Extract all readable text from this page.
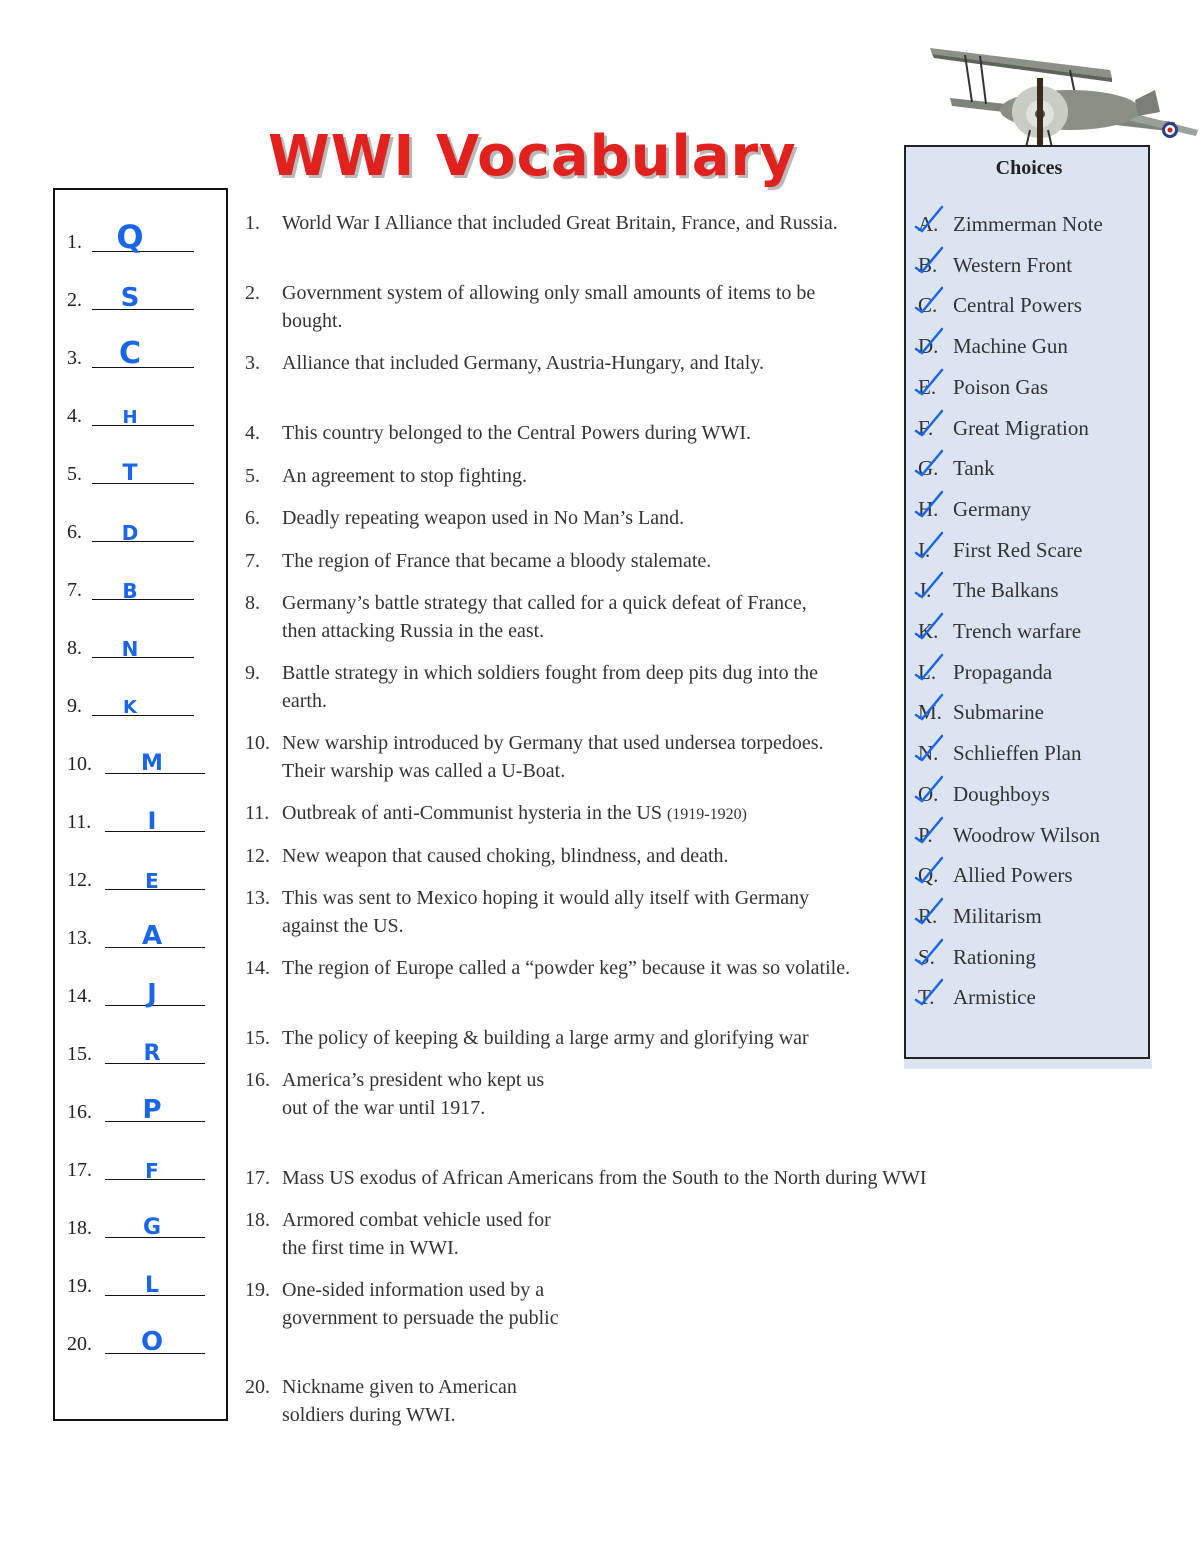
WWI Vocabulary
1.	Q
2.	S
3.	C
4.	H
5.	T
6.	D
7.	B
8.	N
9.	K
10.	M
11.	I
12.	E
13.	A
14.	J
15.	R
16.	P
17.	F
18.	G
19.	L
20.	O
1. World War I Alliance that included Great Britain, France, and Russia.
2. Government system of allowing only small amounts of items to be bought.
3. Alliance that included Germany, Austria-Hungary, and Italy.
4. This country belonged to the Central Powers during WWI.
5. An agreement to stop fighting.
6. Deadly repeating weapon used in No Man’s Land.
7. The region of France that became a bloody stalemate.
8. Germany’s battle strategy that called for a quick defeat of France, then attacking Russia in the east.
9. Battle strategy in which soldiers fought from deep pits dug into the earth.
10. New warship introduced by Germany that used undersea torpedoes. Their warship was called a U-Boat.
11. Outbreak of anti-Communist hysteria in the US (1919-1920)
12. New weapon that caused choking, blindness, and death.
13. This was sent to Mexico hoping it would ally itself with Germany against the US.
14. The region of Europe called a “powder keg” because it was so volatile.
15. The policy of keeping & building a large army and glorifying war
16. America’s president who kept us out of the war until 1917.
17. Mass US exodus of African Americans from the South to the North during WWI
18. Armored combat vehicle used for the first time in WWI.
19. One-sided information used by a government to persuade the public
20. Nickname given to American soldiers during WWI.
Choices
A. Zimmerman Note
B. Western Front
C. Central Powers
D. Machine Gun
E. Poison Gas
F. Great Migration
G. Tank
H. Germany
I. First Red Scare
J. The Balkans
K. Trench warfare
L. Propaganda
M. Submarine
N. Schlieffen Plan
O. Doughboys
P. Woodrow Wilson
Q. Allied Powers
R. Militarism
S. Rationing
T. Armistice
